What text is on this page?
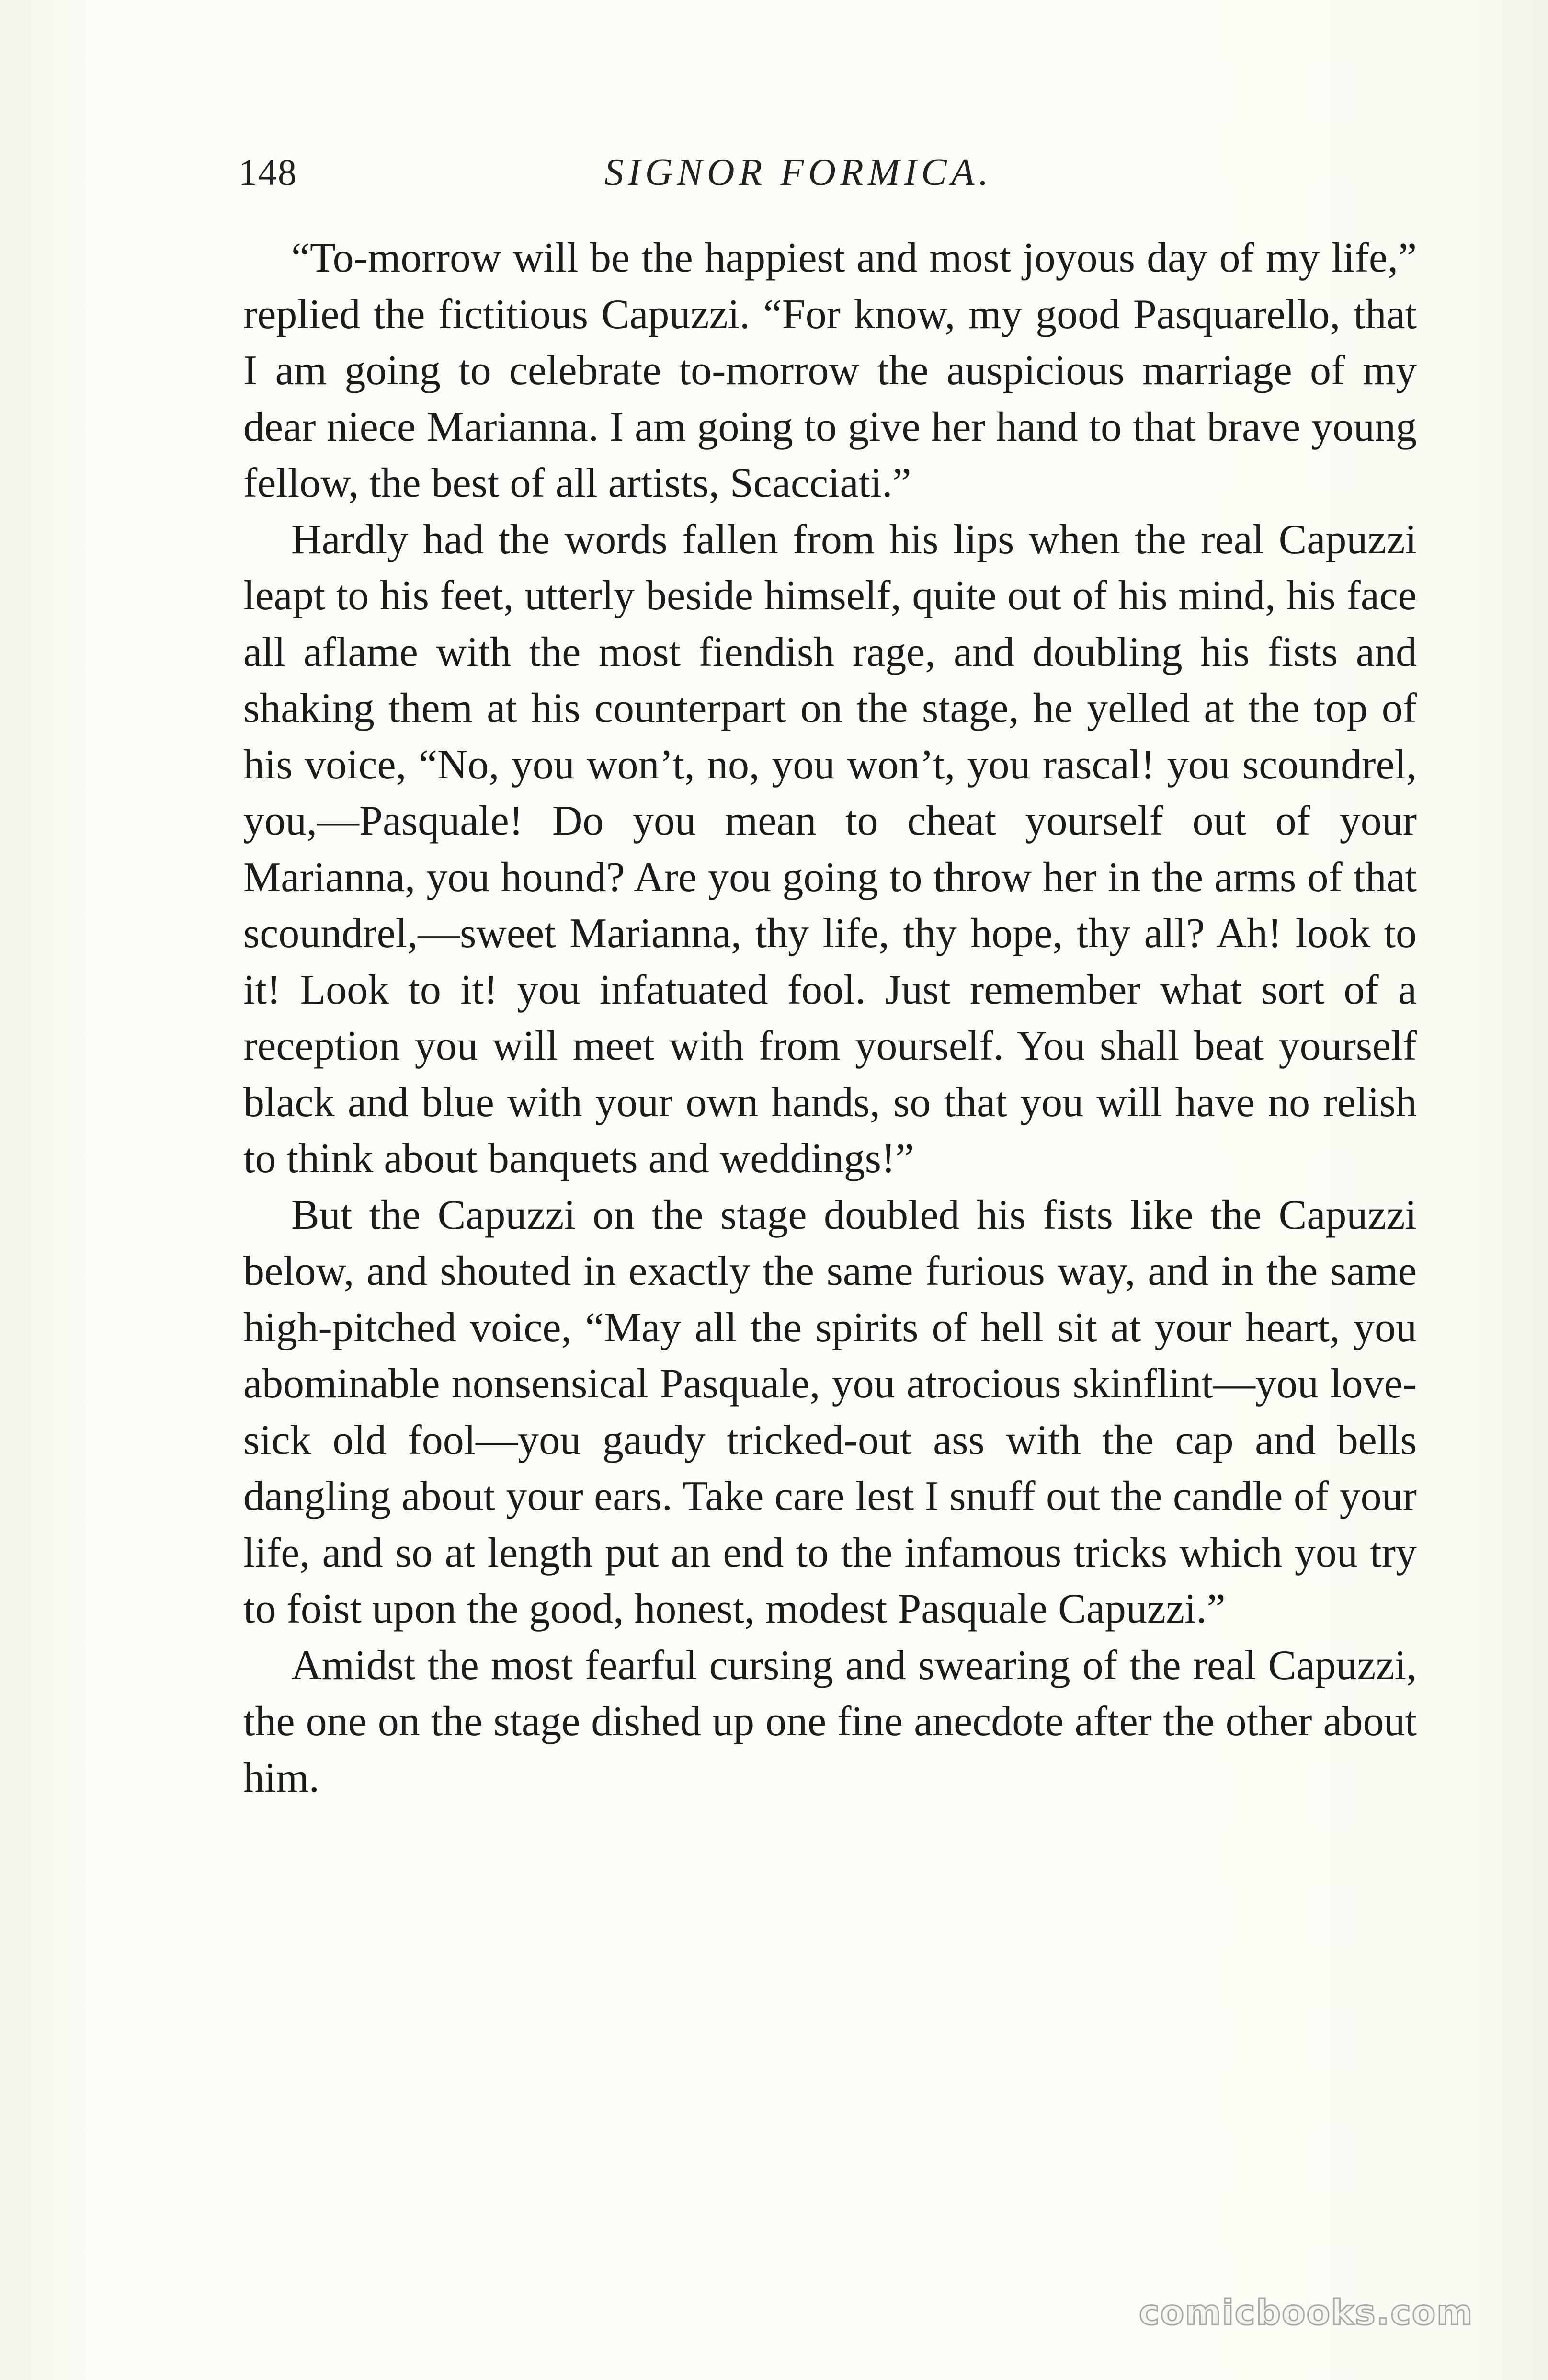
148	SIGNOR FORMICA.

“To-morrow will be the happiest and most joyous day of my life,” replied the fictitious Capuzzi. “For know, my good Pasquarello, that I am going to celebrate to-morrow the auspicious marriage of my dear niece Marianna. I am going to give her hand to that brave young fellow, the best of all artists, Scacciati.”

Hardly had the words fallen from his lips when the real Capuzzi leapt to his feet, utterly beside himself, quite out of his mind, his face all aflame with the most fiendish rage, and doubling his fists and shaking them at his counterpart on the stage, he yelled at the top of his voice, “No, you won’t, no, you won’t, you rascal! you scoundrel, you,—Pasquale! Do you mean to cheat yourself out of your Marianna, you hound? Are you going to throw her in the arms of that scoundrel,—sweet Marianna, thy life, thy hope, thy all? Ah! look to it! Look to it! you infatuated fool. Just remember what sort of a reception you will meet with from yourself. You shall beat yourself black and blue with your own hands, so that you will have no relish to think about banquets and weddings!”

But the Capuzzi on the stage doubled his fists like the Capuzzi below, and shouted in exactly the same furious way, and in the same high-pitched voice, “May all the spirits of hell sit at your heart, you abominable nonsensical Pasquale, you atrocious skinflint—you love-sick old fool—you gaudy tricked-out ass with the cap and bells dangling about your ears. Take care lest I snuff out the candle of your life, and so at length put an end to the infamous tricks which you try to foist upon the good, honest, modest Pasquale Capuzzi.”

Amidst the most fearful cursing and swearing of the real Capuzzi, the one on the stage dished up one fine anecdote after the other about him.

comicbooks.com
